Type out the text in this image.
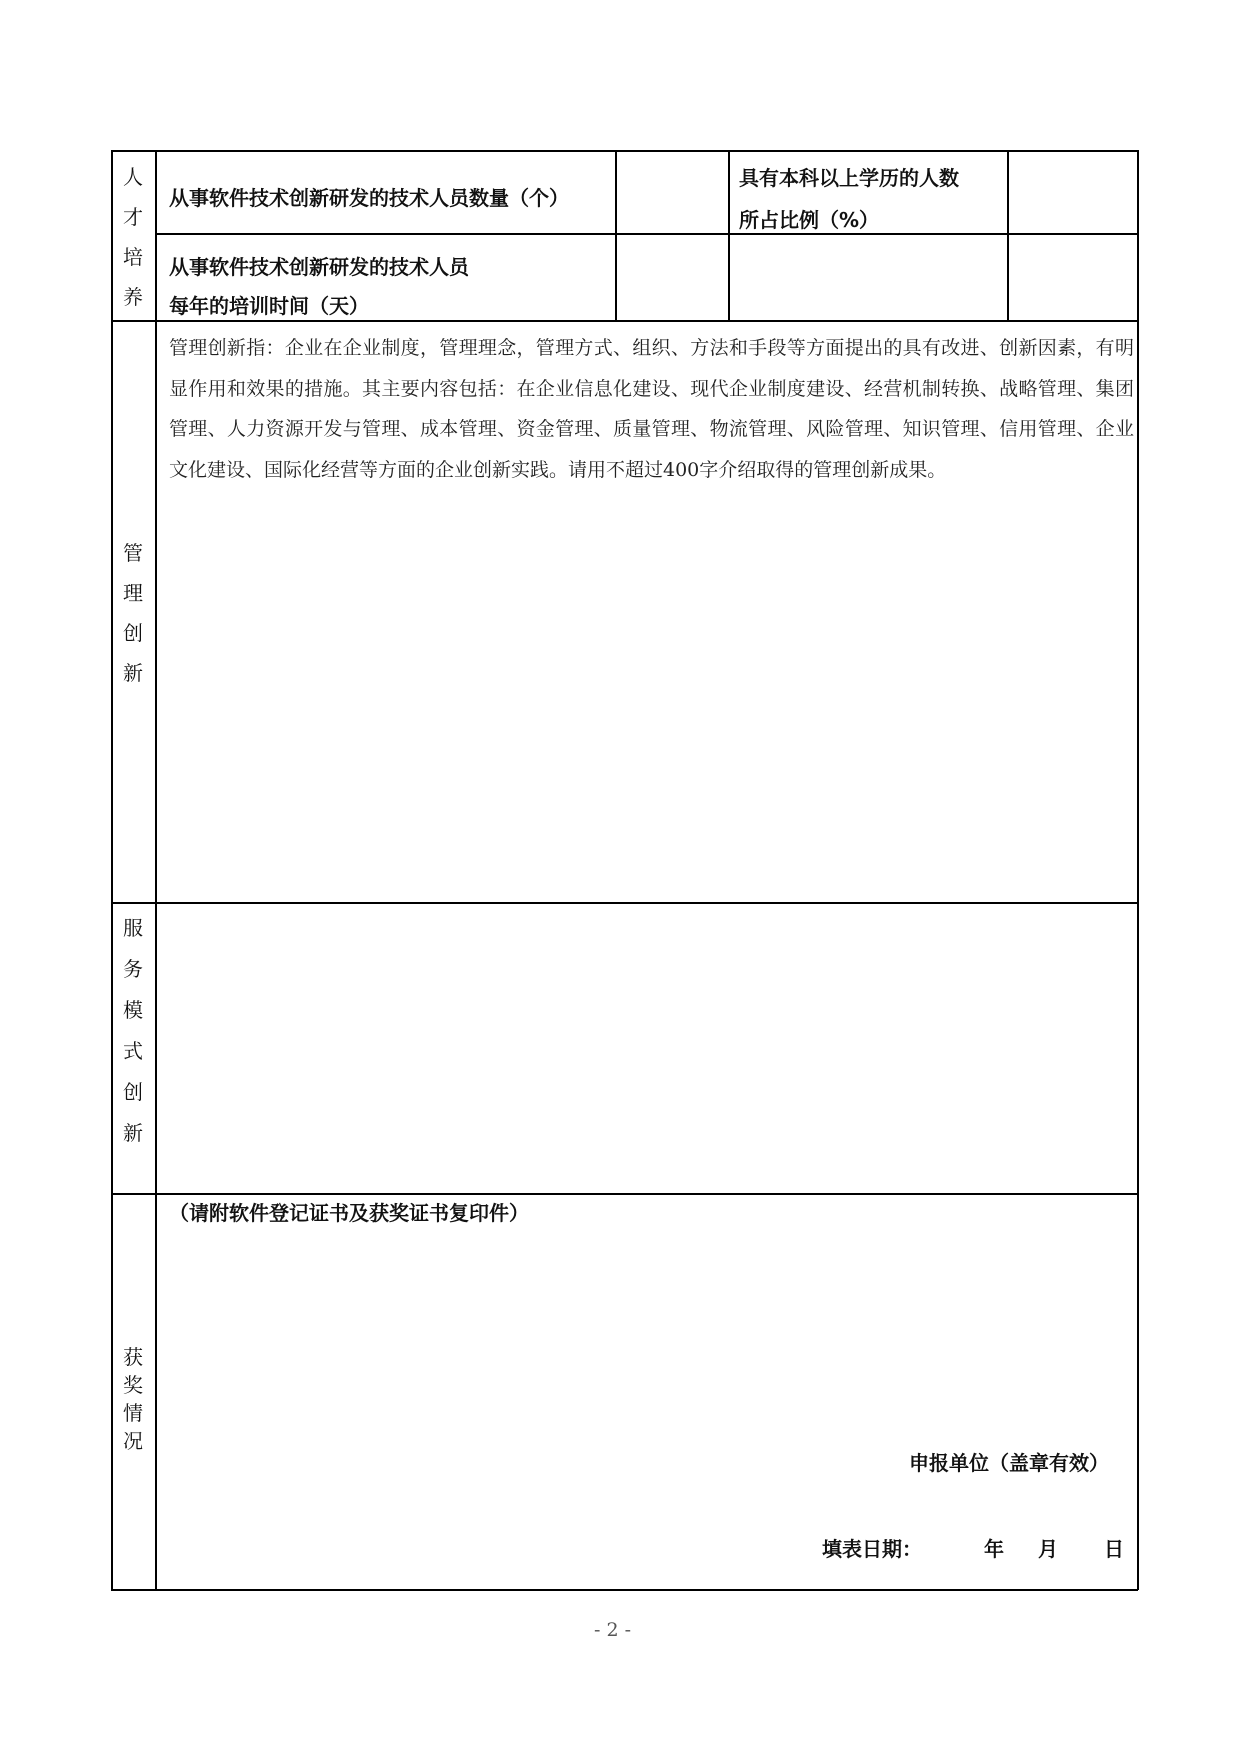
人才培养
从事软件技术创新研发的技术人员数量（个）
具有本科以上学历的人数
所占比例（%）
从事软件技术创新研发的技术人员
每年的培训时间（天）
管理创新
管理创新指：企业在企业制度，管理理念，管理方式、组织、方法和手段等方面提出的具有改进、创新因素，有明显作用和效果的措施。其主要内容包括：在企业信息化建设、现代企业制度建设、经营机制转换、战略管理、集团管理、人力资源开发与管理、成本管理、资金管理、质量管理、物流管理、风险管理、知识管理、信用管理、企业文化建设、国际化经营等方面的企业创新实践。请用不超过400字介绍取得的管理创新成果。
服务模式创新
获奖情况
（请附软件登记证书及获奖证书复印件）
申报单位（盖章有效）
填表日期：	年 月 日
- 2 -
